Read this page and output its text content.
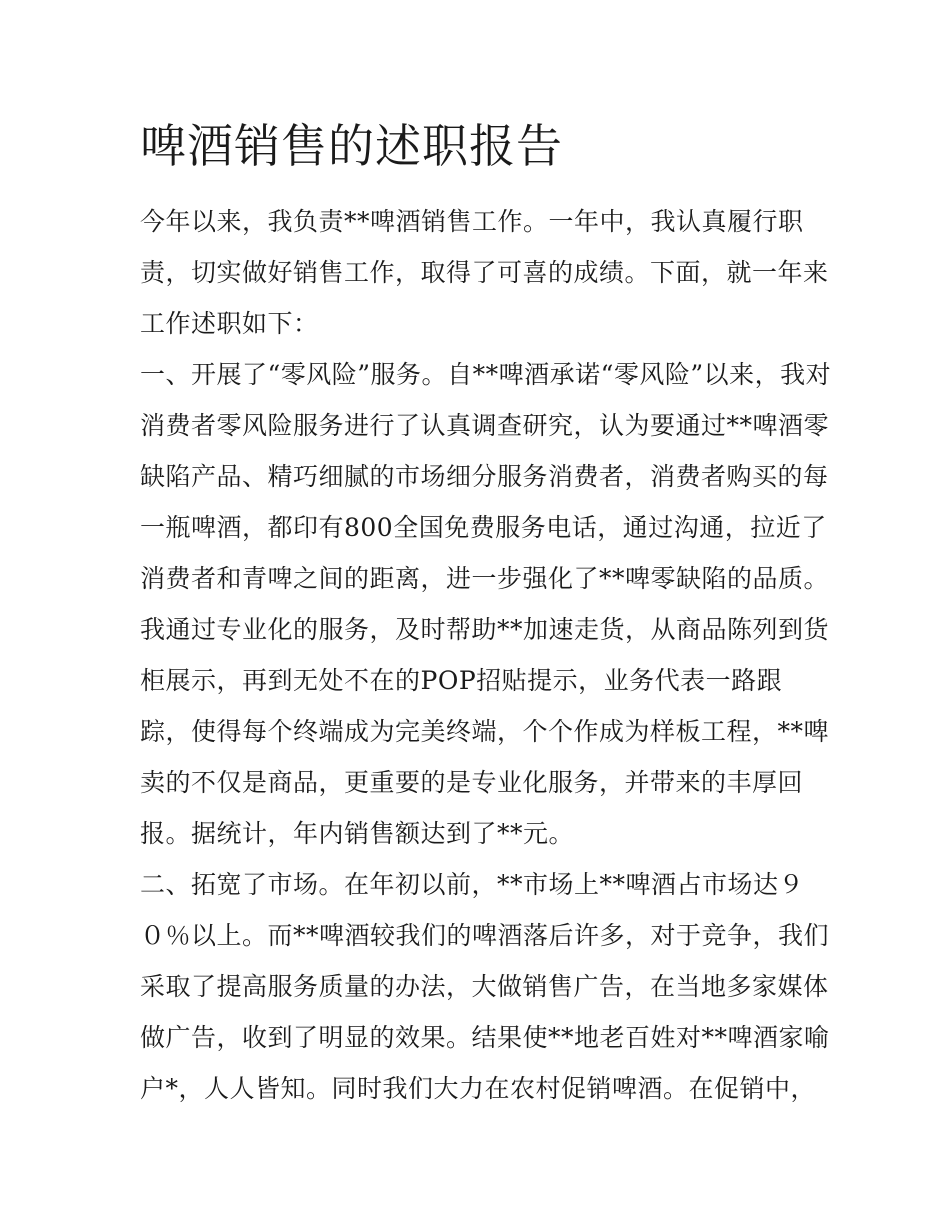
啤酒销售的述职报告
今年以来，我负责**啤酒销售工作。一年中，我认真履行职
责，切实做好销售工作，取得了可喜的成绩。下面，就一年来
工作述职如下：
一、开展了“零风险”服务。自**啤酒承诺“零风险”以来，我对
消费者零风险服务进行了认真调查研究，认为要通过**啤酒零
缺陷产品、精巧细腻的市场细分服务消费者，消费者购买的每
一瓶啤酒，都印有800全国免费服务电话，通过沟通，拉近了
消费者和青啤之间的距离，进一步强化了**啤零缺陷的品质。
我通过专业化的服务，及时帮助**加速走货，从商品陈列到货
柜展示，再到无处不在的POP招贴提示，业务代表一路跟
踪，使得每个终端成为完美终端，个个作成为样板工程，**啤
卖的不仅是商品，更重要的是专业化服务，并带来的丰厚回
报。据统计，年内销售额达到了**元。
二、拓宽了市场。在年初以前，**市场上**啤酒占市场达９
０％以上。而**啤酒较我们的啤酒落后许多，对于竞争，我们
采取了提高服务质量的办法，大做销售广告，在当地多家媒体
做广告，收到了明显的效果。结果使**地老百姓对**啤酒家喻
户*，人人皆知。同时我们大力在农村促销啤酒。在促销中，
